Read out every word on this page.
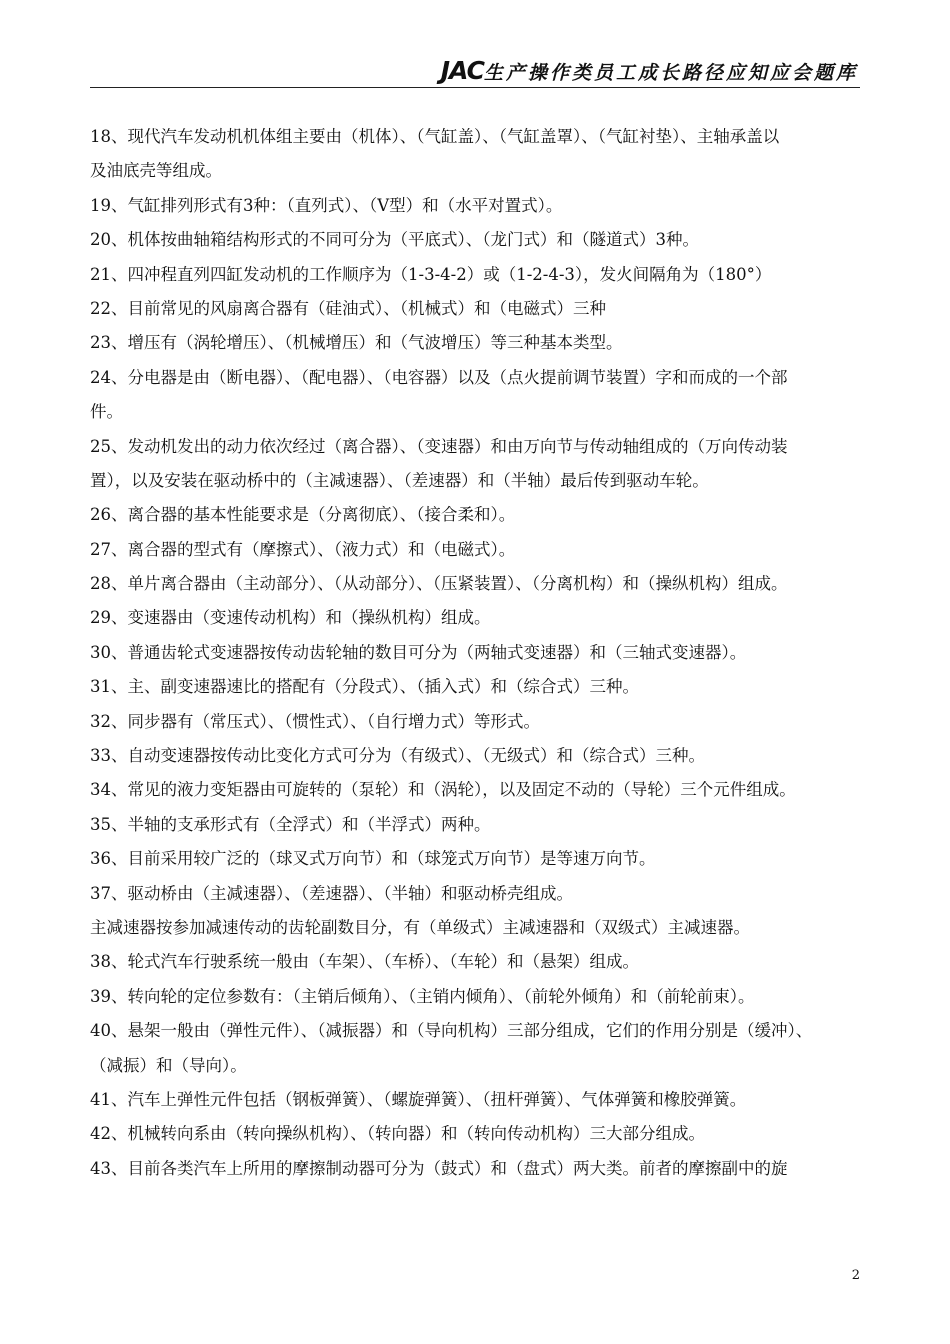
JAC生产操作类员工成长路径应知应会题库
18、现代汽车发动机机体组主要由（机体）、（气缸盖）、（气缸盖罩）、（气缸衬垫）、主轴承盖以
及油底壳等组成。
19、气缸排列形式有3种：（直列式）、（V型）和（水平对置式）。
20、机体按曲轴箱结构形式的不同可分为（平底式）、（龙门式）和（隧道式）3种。
21、四冲程直列四缸发动机的工作顺序为（1-3-4-2）或（1-2-4-3），发火间隔角为（180°）
22、目前常见的风扇离合器有（硅油式）、（机械式）和（电磁式）三种
23、增压有（涡轮增压）、（机械增压）和（气波增压）等三种基本类型。
24、分电器是由（断电器）、（配电器）、（电容器）以及（点火提前调节装置）字和而成的一个部
件。
25、发动机发出的动力依次经过（离合器）、（变速器）和由万向节与传动轴组成的（万向传动装
置），以及安装在驱动桥中的（主减速器）、（差速器）和（半轴）最后传到驱动车轮。
26、离合器的基本性能要求是（分离彻底）、（接合柔和）。
27、离合器的型式有（摩擦式）、（液力式）和（电磁式）。
28、单片离合器由（主动部分）、（从动部分）、（压紧装置）、（分离机构）和（操纵机构）组成。
29、变速器由（变速传动机构）和（操纵机构）组成。
30、普通齿轮式变速器按传动齿轮轴的数目可分为（两轴式变速器）和（三轴式变速器）。
31、主、副变速器速比的搭配有（分段式）、（插入式）和（综合式）三种。
32、同步器有（常压式）、（惯性式）、（自行增力式）等形式。
33、自动变速器按传动比变化方式可分为（有级式）、（无级式）和（综合式）三种。
34、常见的液力变矩器由可旋转的（泵轮）和（涡轮），以及固定不动的（导轮）三个元件组成。
35、半轴的支承形式有（全浮式）和（半浮式）两种。
36、目前采用较广泛的（球叉式万向节）和（球笼式万向节）是等速万向节。
37、驱动桥由（主减速器）、（差速器）、（半轴）和驱动桥壳组成。
主减速器按参加减速传动的齿轮副数目分，有（单级式）主减速器和（双级式）主减速器。
38、轮式汽车行驶系统一般由（车架）、（车桥）、（车轮）和（悬架）组成。
39、转向轮的定位参数有：（主销后倾角）、（主销内倾角）、（前轮外倾角）和（前轮前束）。
40、悬架一般由（弹性元件）、（减振器）和（导向机构）三部分组成，它们的作用分别是（缓冲）、
（减振）和（导向）。
41、汽车上弹性元件包括（钢板弹簧）、（螺旋弹簧）、（扭杆弹簧）、气体弹簧和橡胶弹簧。
42、机械转向系由（转向操纵机构）、（转向器）和（转向传动机构）三大部分组成。
43、目前各类汽车上所用的摩擦制动器可分为（鼓式）和（盘式）两大类。前者的摩擦副中的旋
2
